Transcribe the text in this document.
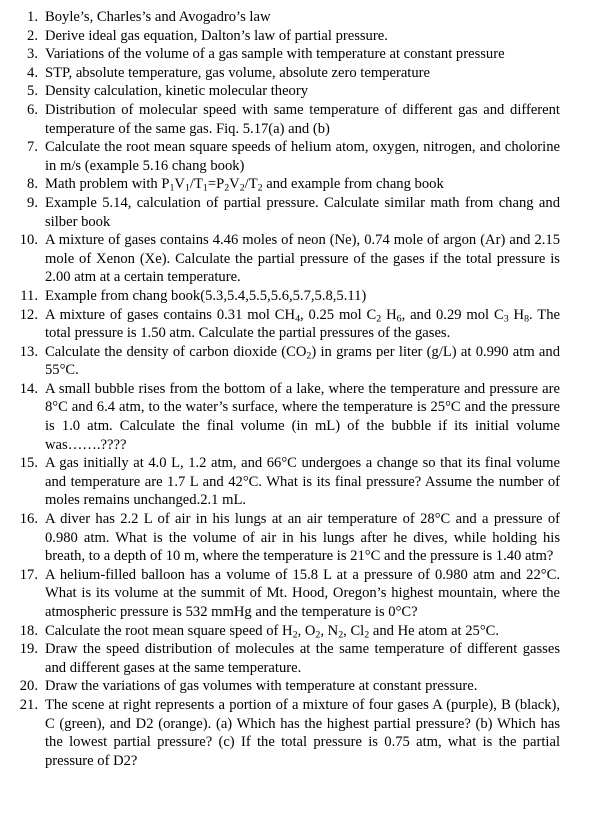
1. Boyle’s, Charles’s and Avogadro’s law
2. Derive ideal gas equation, Dalton’s law of partial pressure.
3. Variations of the volume of a gas sample with temperature at constant pressure
4. STP, absolute temperature, gas volume, absolute zero temperature
5. Density calculation, kinetic molecular theory
6. Distribution of molecular speed with same temperature of different gas and different temperature of the same gas. Fiq. 5.17(a) and (b)
7. Calculate the root mean square speeds of helium atom, oxygen, nitrogen, and cholorine in m/s (example 5.16 chang book)
8. Math problem with $P_1V_1/T_1=P_2V_2/T_2$ and example from chang book
9. Example 5.14, calculation of partial pressure. Calculate similar math from chang and silber book
10. A mixture of gases contains 4.46 moles of neon (Ne), 0.74 mole of argon (Ar) and 2.15 mole of Xenon (Xe). Calculate the partial pressure of the gases if the total pressure is 2.00 atm at a certain temperature.
11. Example from chang book(5.3,5.4,5.5,5.6,5.7,5.8,5.11)
12. A mixture of gases contains 0.31 mol $CH_4$, 0.25 mol $C_2$ $H_6$, and 0.29 mol $C_3$ $H_8$. The total pressure is 1.50 atm. Calculate the partial pressures of the gases.
13. Calculate the density of carbon dioxide $(CO_2)$ in grams per liter (g/L) at 0.990 atm and 55°C.
14. A small bubble rises from the bottom of a lake, where the temperature and pressure are 8°C and 6.4 atm, to the water’s surface, where the temperature is 25°C and the pressure is 1.0 atm. Calculate the final volume (in mL) of the bubble if its initial volume was…….????
15. A gas initially at 4.0 L, 1.2 atm, and 66°C undergoes a change so that its final volume and temperature are 1.7 L and 42°C. What is its final pressure? Assume the number of moles remains unchanged.2.1 mL.
16. A diver has 2.2 L of air in his lungs at an air temperature of 28°C and a pressure of 0.980 atm. What is the volume of air in his lungs after he dives, while holding his breath, to a depth of 10 m, where the temperature is 21°C and the pressure is 1.40 atm?
17. A helium-filled balloon has a volume of 15.8 L at a pressure of 0.980 atm and 22°C. What is its volume at the summit of Mt. Hood, Oregon’s highest mountain, where the atmospheric pressure is 532 mmHg and the temperature is 0°C?
18. Calculate the root mean square speed of $H_2$, $O_2$, $N_2$, $Cl_2$ and He atom at 25°C.
19. Draw the speed distribution of molecules at the same temperature of different gasses and different gases at the same temperature.
20. Draw the variations of gas volumes with temperature at constant pressure.
21. The scene at right represents a portion of a mixture of four gases A (purple), B (black), C (green), and D2 (orange). (a) Which has the highest partial pressure? (b) Which has the lowest partial pressure? (c) If the total pressure is 0.75 atm, what is the partial pressure of D2?
